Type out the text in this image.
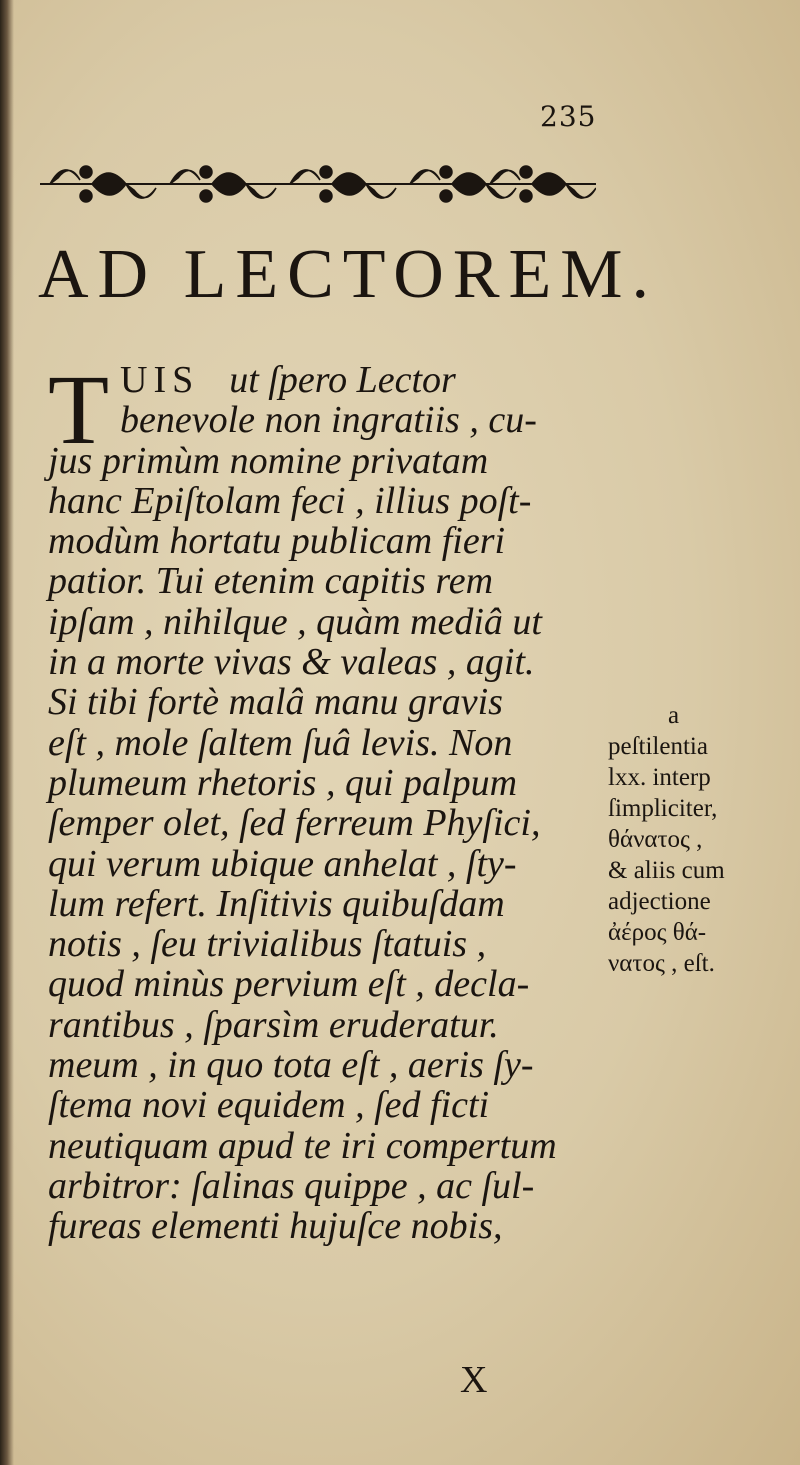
235
AD LECTOREM.
T UIS ut ſpero Lector
benevole non ingratiis , cu-
jus primùm nomine privatam
hanc Epiſtolam feci , illius poſt-
modùm hortatu publicam fieri
patior. Tui etenim capitis rem
ipſam , nihilque , quàm mediâ ut
in a morte vivas & valeas , agit.
Si tibi fortè malâ manu gravis
eſt , mole ſaltem ſuâ levis. Non
plumeum rhetoris , qui palpum
ſemper olet, ſed ferreum Phyſici,
qui verum ubique anhelat , ſty-
lum refert. Inſitivis quibuſdam
notis , ſeu trivialibus ſtatuis ,
quod minùs pervium eſt , decla-
rantibus , ſparsìm eruderatur.
meum , in quo tota eſt , aeris ſy-
ſtema novi equidem , ſed ficti
neutiquam apud te iri compertum
arbitror: ſalinas quippe , ac ſul-
fureas elementi hujuſce nobis,
a
peſtilentia
lxx. interp
ſimpliciter,
θάνατος ,
& aliis cum
adjectione
ἀέρος θά-
νατος , eſt.
X
